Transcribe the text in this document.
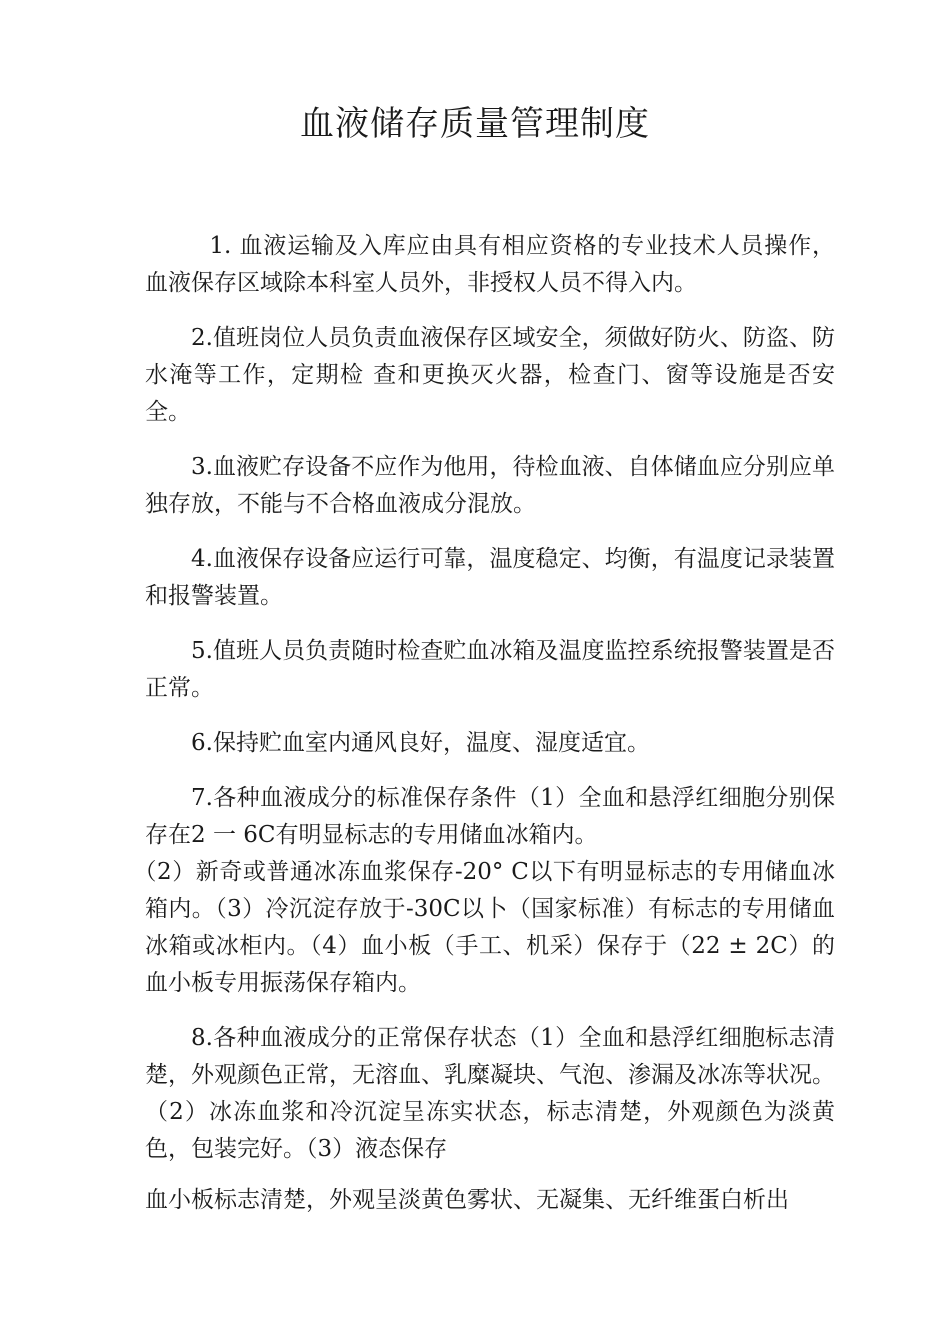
血液储存质量管理制度

1. 血液运输及入库应由具有相应资格的专业技术人员操作，血液保存区域除本科室人员外，非授权人员不得入内。

2.值班岗位人员负责血液保存区域安全，须做好防火、防盗、防水淹等工作，定期检 查和更换灭火器，检查门、窗等设施是否安全。

3.血液贮存设备不应作为他用，待检血液、自体储血应分别应单独存放，不能与不合格血液成分混放。

4.血液保存设备应运行可靠，温度稳定、均衡，有温度记录装置和报警装置。

5.值班人员负责随时检查贮血冰箱及温度监控系统报警装置是否正常。

6.保持贮血室内通风良好，温度、湿度适宜。

7.各种血液成分的标准保存条件（1）全血和悬浮红细胞分别保存在2 一 6C有明显标志的专用储血冰箱内。

（2）新奇或普通冰冻血浆保存-20° C以下有明显标志的专用储血冰箱内。（3）冷沉淀存放于-30C以卜（国家标准）有标志的专用储血冰箱或冰柜内。（4）血小板（手工、机采）保存于（22 ± 2C）的血小板专用振荡保存箱内。

8.各种血液成分的正常保存状态（1）全血和悬浮红细胞标志清楚，外观颜色正常，无溶血、乳糜凝块、气泡、渗漏及冰冻等状况。（2）冰冻血浆和冷沉淀呈冻实状态，标志清楚，外观颜色为淡黄色，包装完好。（3）液态保存

血小板标志清楚，外观呈淡黄色雾状、无凝集、无纤维蛋白析出
